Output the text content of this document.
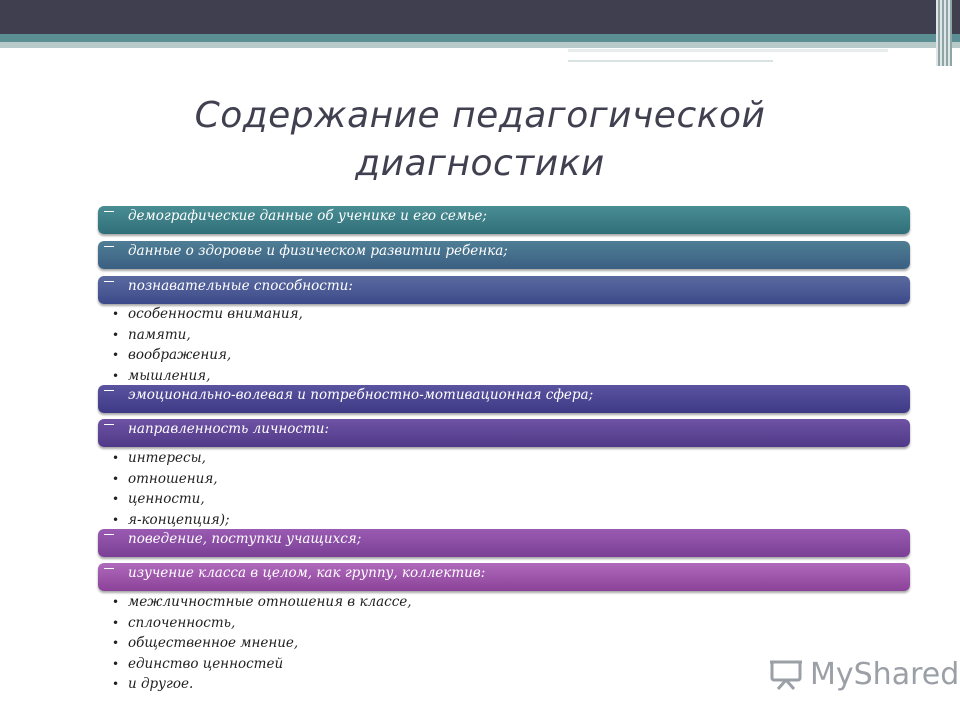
Содержание педагогической
диагностики
демографические данные об ученике и его семье;
данные о здоровье и физическом развитии ребенка;
познавательные способности:
• особенности внимания,
• памяти,
• воображения,
• мышления,
эмоционально-волевая и потребностно-мотивационная сфера;
направленность личности:
• интересы,
• отношения,
• ценности,
• я-концепция);
поведение, поступки учащихся;
изучение класса в целом, как группу, коллектив:
• межличностные отношения в классе,
• сплоченность,
• общественное мнение,
• единство ценностей
• и другое.	MyShared
